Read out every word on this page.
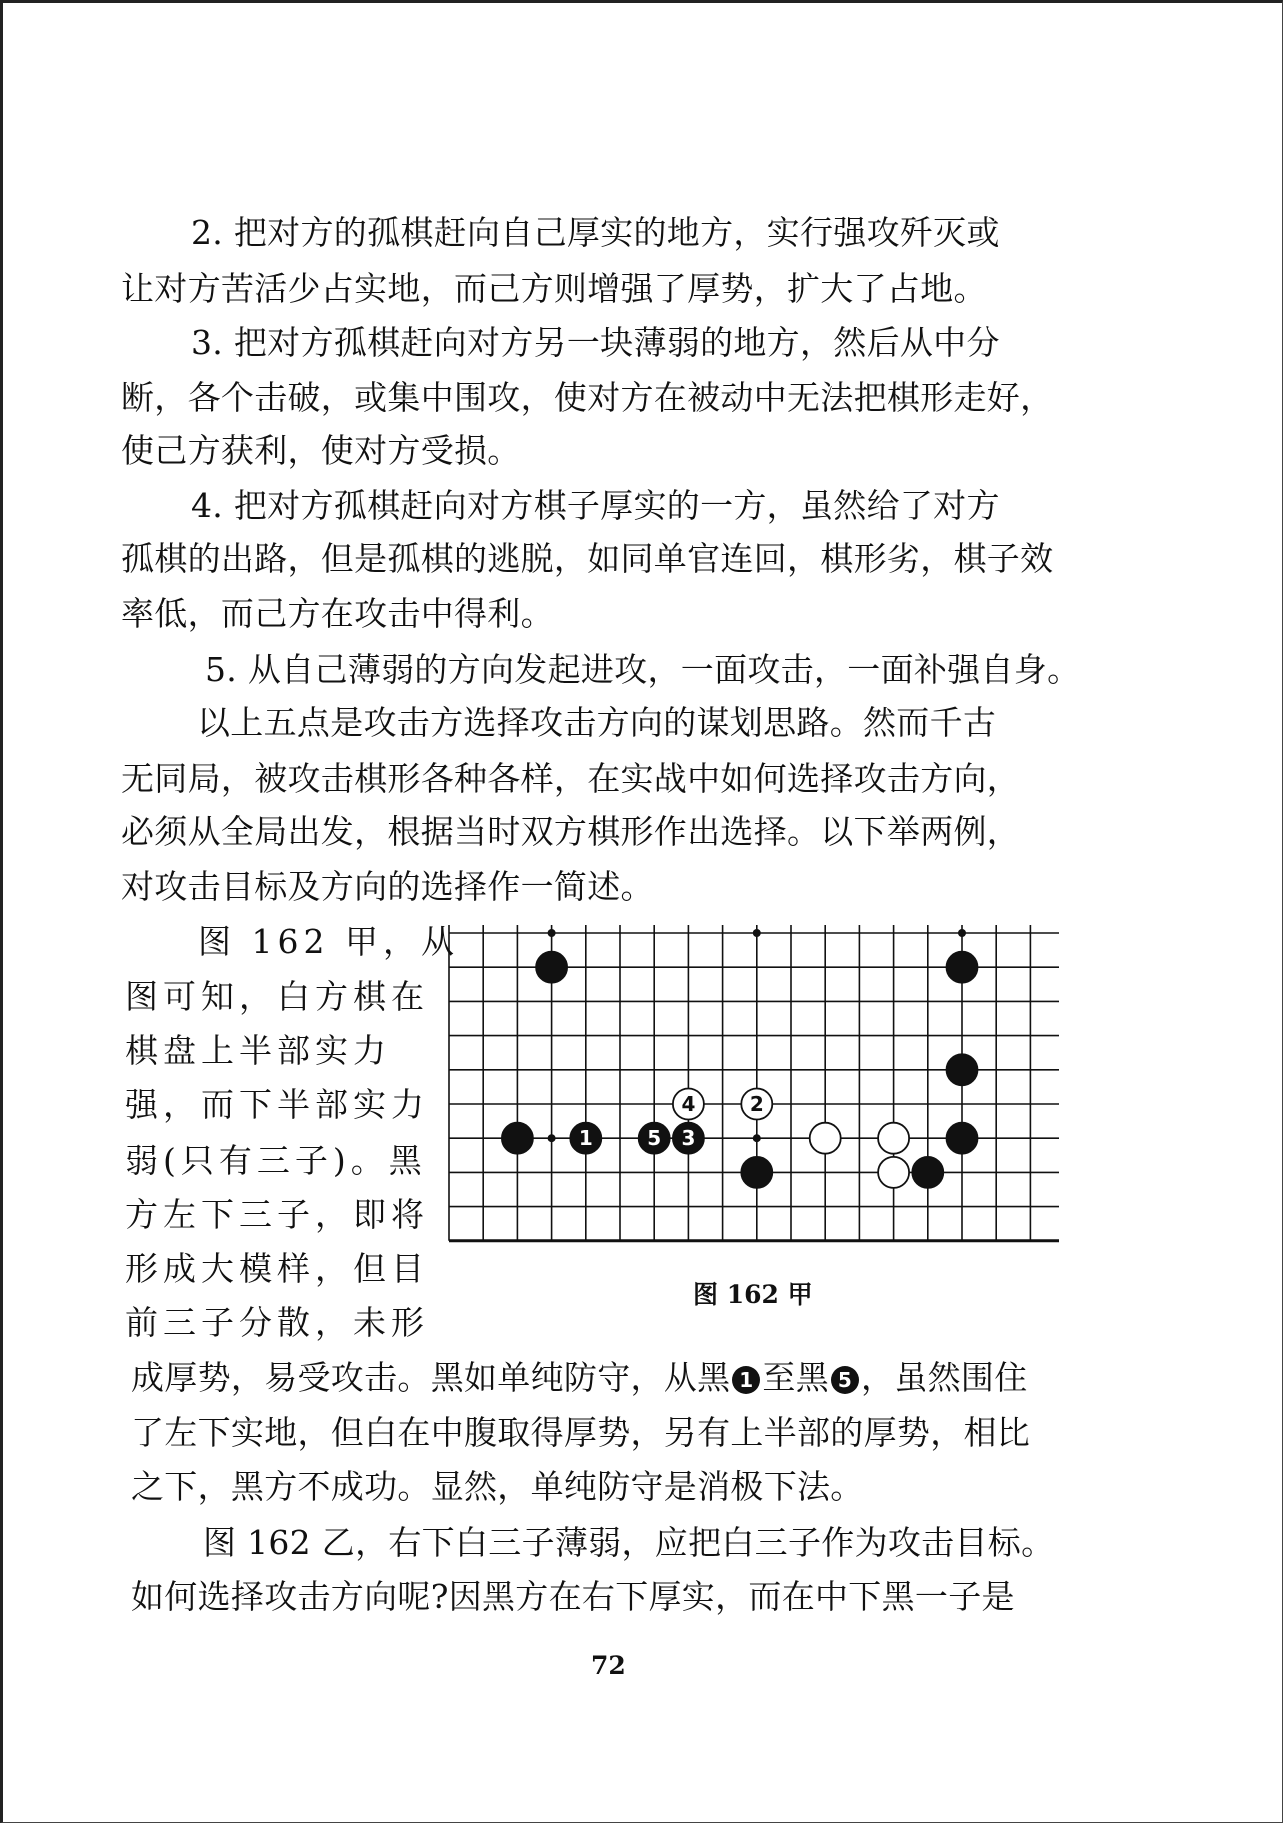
2. 把对方的孤棋赶向自己厚实的地方，实行强攻歼灭或
让对方苦活少占实地，而己方则增强了厚势，扩大了占地。
3. 把对方孤棋赶向对方另一块薄弱的地方，然后从中分
断，各个击破，或集中围攻，使对方在被动中无法把棋形走好，
使己方获利，使对方受损。
4. 把对方孤棋赶向对方棋子厚实的一方，虽然给了对方
孤棋的出路，但是孤棋的逃脱，如同单官连回，棋形劣，棋子效
率低，而己方在攻击中得利。
5. 从自己薄弱的方向发起进攻，一面攻击，一面补强自身。
以上五点是攻击方选择攻击方向的谋划思路。然而千古
无同局，被攻击棋形各种各样，在实战中如何选择攻击方向，
必须从全局出发，根据当时双方棋形作出选择。以下举两例，
对攻击目标及方向的选择作一简述。
图 162 甲，从
图可知，白方棋在
棋盘上半部实力
强，而下半部实力
弱(只有三子)。黑
方左下三子，即将
形成大模样，但目
前三子分散，未形
1
2
3
4
5
图 162 甲
成厚势，易受攻击。黑如单纯防守，从黑 1 至黑 5 ，虽然围住
了左下实地，但白在中腹取得厚势，另有上半部的厚势，相比
之下，黑方不成功。显然，单纯防守是消极下法。
图 162 乙，右下白三子薄弱，应把白三子作为攻击目标。
如何选择攻击方向呢?因黑方在右下厚实，而在中下黑一子是
72
